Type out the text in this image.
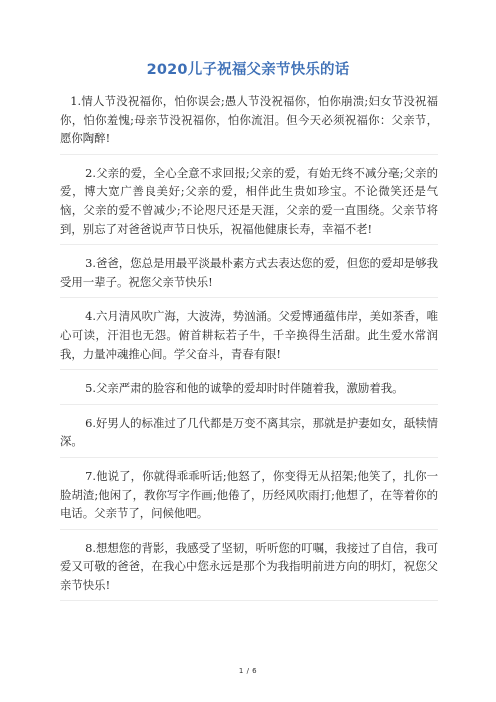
2020儿子祝福父亲节快乐的话

1.情人节没祝福你，怕你误会;愚人节没祝福你，怕你崩溃;妇女节没祝福你，怕你羞愧;母亲节没祝福你，怕你流泪。但今天必须祝福你：父亲节，愿你陶醉!

2.父亲的爱，全心全意不求回报;父亲的爱，有始无终不减分毫;父亲的爱，博大宽广善良美好;父亲的爱，相伴此生贵如珍宝。不论微笑还是气恼，父亲的爱不曾减少;不论咫尺还是天涯，父亲的爱一直围绕。父亲节将到，别忘了对爸爸说声节日快乐，祝福他健康长寿，幸福不老!

3.爸爸，您总是用最平淡最朴素方式去表达您的爱，但您的爱却是够我受用一辈子。祝您父亲节快乐!

4.六月清风吹广海，大波涛，势汹涌。父爱博通蕴伟岸，美如茶香，唯心可读，汗泪也无怨。俯首耕耘若子牛，千辛换得生活甜。此生爱水常润我，力量冲魂推心间。学父奋斗，青春有限!

5.父亲严肃的脸容和他的诚挚的爱却时时伴随着我，激励着我。

6.好男人的标准过了几代都是万变不离其宗，那就是护妻如女，舐犊情深。

7.他说了，你就得乖乖听话;他怒了，你变得无从招架;他笑了，扎你一脸胡渣;他闲了，教你写字作画;他倦了，历经风吹雨打;他想了，在等着你的电话。父亲节了，问候他吧。

8.想想您的背影，我感受了坚韧，听听您的叮嘱，我接过了自信，我可爱又可敬的爸爸，在我心中您永远是那个为我指明前进方向的明灯，祝您父亲节快乐!

1 / 6
